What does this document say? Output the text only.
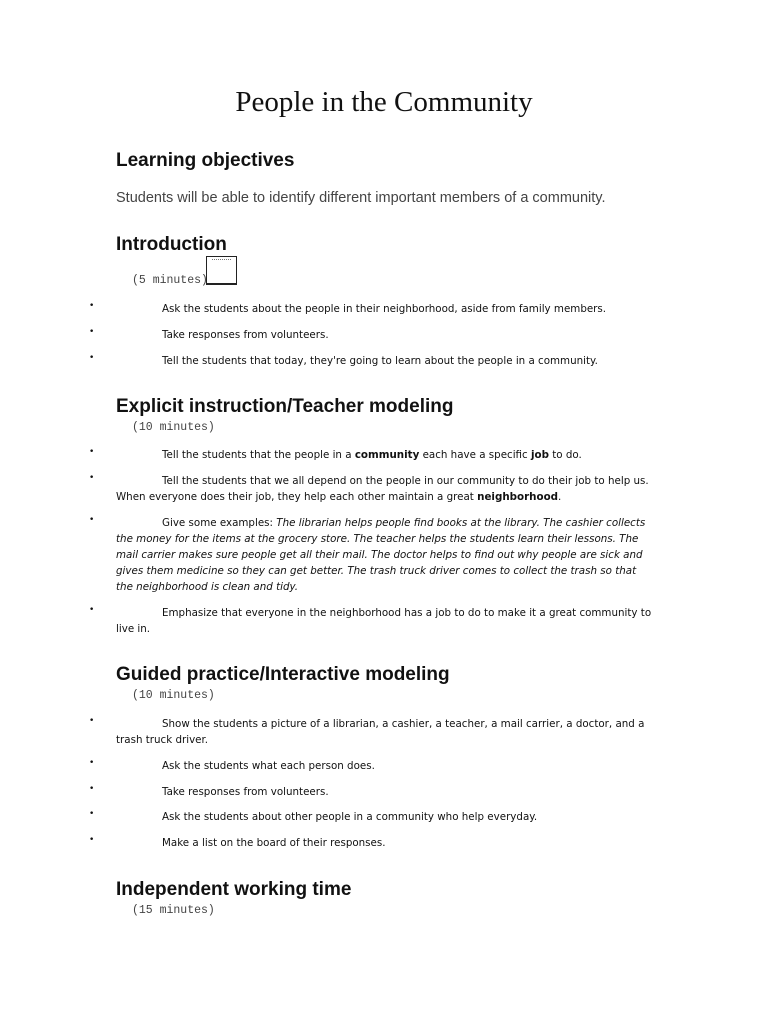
People in the Community
Learning objectives
Students will be able to identify different important members of a community.
Introduction
(5 minutes)
•	Ask the students about the people in their neighborhood, aside from family members.
•	Take responses from volunteers.
•	Tell the students that today, they're going to learn about the people in a community.
Explicit instruction/Teacher modeling
(10 minutes)
•	Tell the students that the people in a community each have a specific job to do.
•	Tell the students that we all depend on the people in our community to do their job to help us. When everyone does their job, they help each other maintain a great neighborhood.
•	Give some examples: The librarian helps people find books at the library. The cashier collects the money for the items at the grocery store. The teacher helps the students learn their lessons. The mail carrier makes sure people get all their mail. The doctor helps to find out why people are sick and gives them medicine so they can get better. The trash truck driver comes to collect the trash so that the neighborhood is clean and tidy.
•	Emphasize that everyone in the neighborhood has a job to do to make it a great community to live in.
Guided practice/Interactive modeling
(10 minutes)
•	Show the students a picture of a librarian, a cashier, a teacher, a mail carrier, a doctor, and a trash truck driver.
•	Ask the students what each person does.
•	Take responses from volunteers.
•	Ask the students about other people in a community who help everyday.
•	Make a list on the board of their responses.
Independent working time
(15 minutes)
